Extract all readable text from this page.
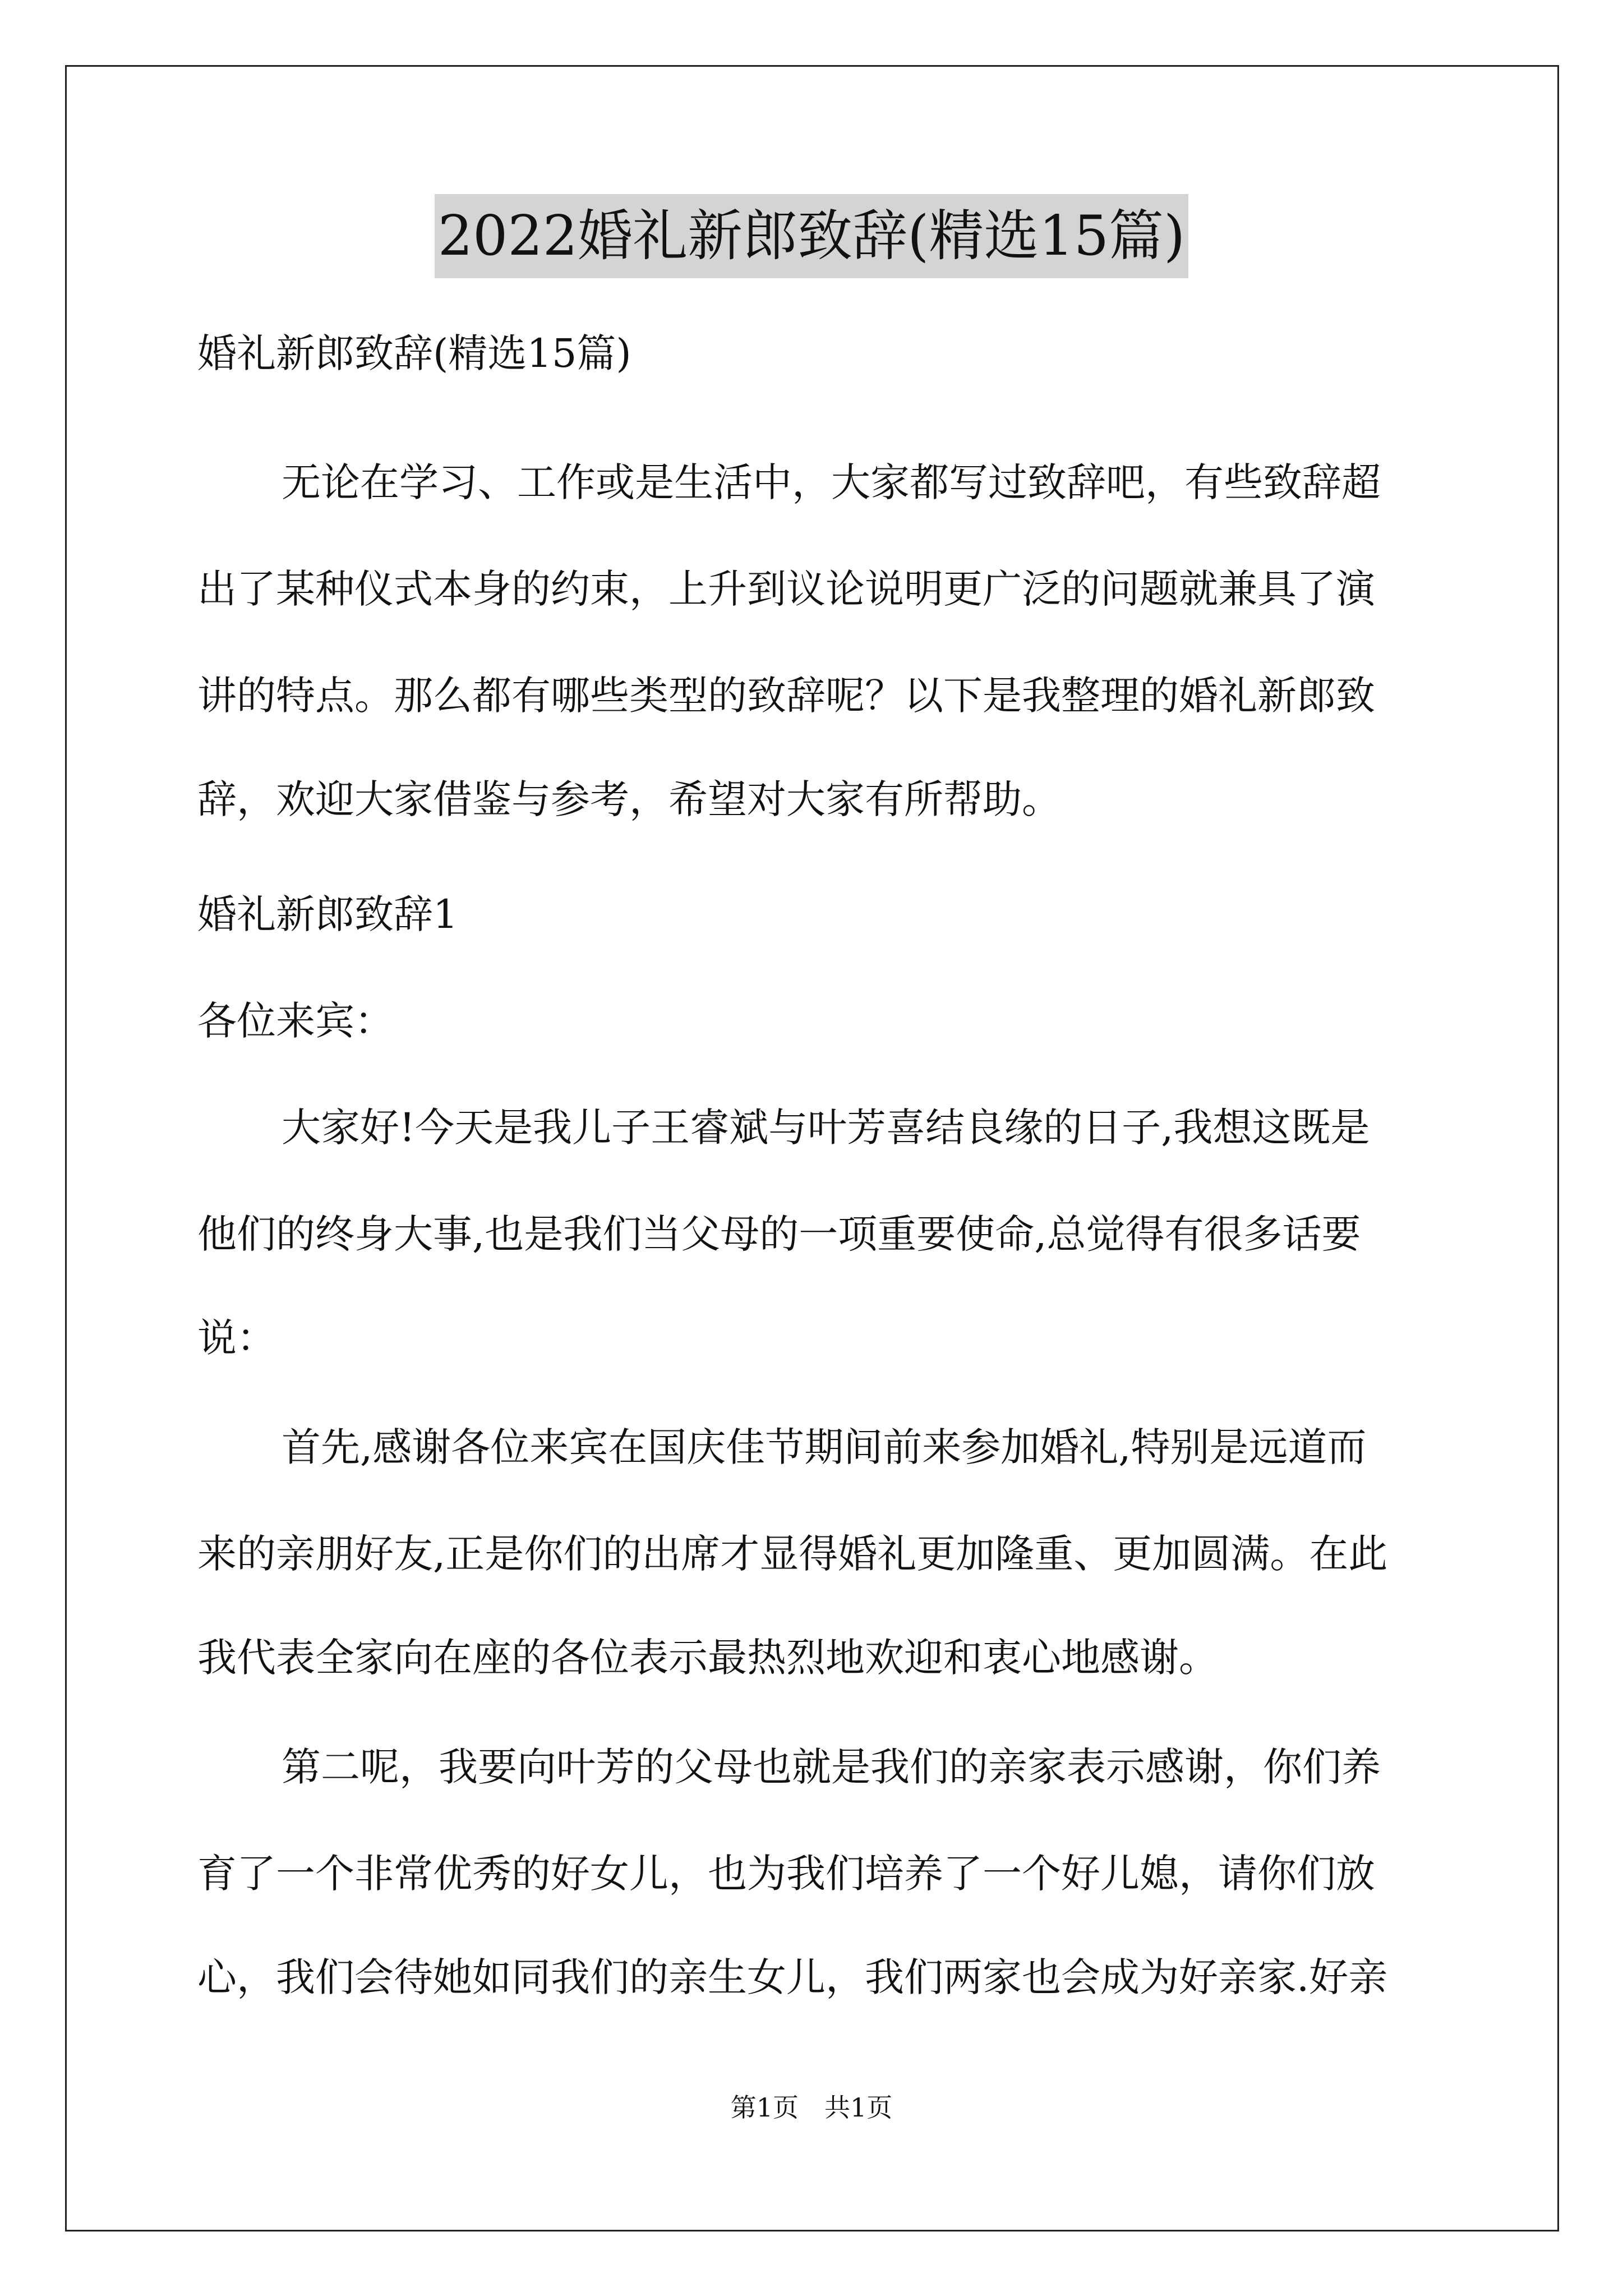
2022婚礼新郎致辞(精选15篇)
婚礼新郎致辞(精选15篇)
无论在学习、工作或是生活中，大家都写过致辞吧，有些致辞超
出了某种仪式本身的约束，上升到议论说明更广泛的问题就兼具了演
讲的特点。那么都有哪些类型的致辞呢？以下是我整理的婚礼新郎致
辞，欢迎大家借鉴与参考，希望对大家有所帮助。
婚礼新郎致辞1
各位来宾：
大家好!今天是我儿子王睿斌与叶芳喜结良缘的日子,我想这既是
他们的终身大事,也是我们当父母的一项重要使命,总觉得有很多话要
说：
首先,感谢各位来宾在国庆佳节期间前来参加婚礼,特别是远道而
来的亲朋好友,正是你们的出席才显得婚礼更加隆重、更加圆满。在此
我代表全家向在座的各位表示最热烈地欢迎和衷心地感谢。
第二呢，我要向叶芳的父母也就是我们的亲家表示感谢，你们养
育了一个非常优秀的好女儿，也为我们培养了一个好儿媳，请你们放
心，我们会待她如同我们的亲生女儿，我们两家也会成为好亲家.好亲
第1页　共1页
